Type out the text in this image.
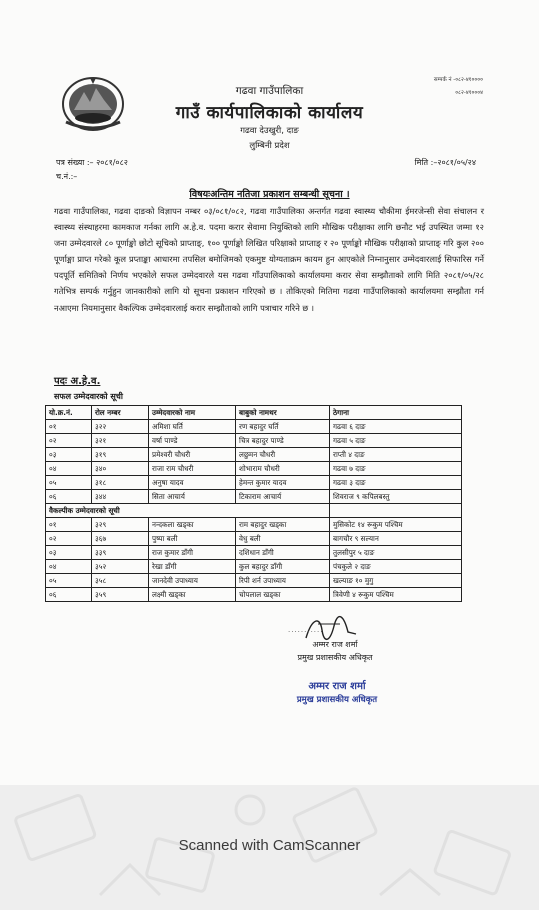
सम्पर्क नं -०८२-४१००००
०८२-४१०००४
गढवा गाउँपालिका
गाउँ कार्यपालिकाको कार्यालय
गढवा देउखुरी, दाङ
लुम्बिनी प्रदेश
पत्र संख्या :– २०८१/०८२
च.नं.:–
मिति :–२०८१/०५/२४
विषयःअन्तिम नतिजा प्रकाशन सम्बन्धी सूचना ।

गढवा गाउँपालिका, गढवा दाङको विज्ञापन नम्बर ०३/०८१/०८२, गढवा गाउँपालिका अन्तर्गत गढवा स्वास्थ्य चौकीमा ईमरजेन्सी सेवा संचालन र स्वास्थ्य संस्थाहरमा कामकाज गर्नका लागि अ.हे.व. पदमा करार सेवामा नियुक्तिको लागि मौखिक परीक्षाका लागि छनौट भई उपस्थित जम्मा १२ जना उम्मेदवारले ८० पूर्णाङ्को छोटो सूचिको प्राप्ताङ्, १०० पूर्णाङ्को लिखित परिक्षाको प्राप्ताङ् र २० पूर्णाङ्को मौखिक परीक्षाको प्राप्ताङ् गरि कुल २०० पूर्णाङ्मा प्राप्त गरेको कूल प्रप्ताङ्का आधारमा तपसिल बमोजिमको एकमुष्ट योग्यताक्रम कायम हुन आएकोले निम्नानुसार उम्मेदवारलाई सिफारिस गर्ने पदपूर्ति समितिको निर्णय भएकोले सफल उम्मेदवारले यस गढवा गाँउपालिकाको कार्यालयमा करार सेवा सम्झौताको लागि मिति २०८१/०५/२८ गतेभित्र सम्पर्क गर्नुहुन जानकारीको लागि यो सूचना प्रकाशन गरिएको छ । तोकिएको मितिमा गढवा गाउँपालिकाको कार्यालयमा सम्झौता गर्न नआएमा नियमानुसार वैकल्पिक उम्मेदवारलाई करार सम्झौताको लागि पत्राचार गरिने छ ।

पदः अ.हे.व.
सफल उम्मेदवारको सूची
यो.क्र.नं.	रोल नम्बर	उम्मेदवारको नाम	बाबुको नामथर	ठेगाना
०१	३२२	अमिशा घर्ति	रण बहादुर घर्ति	गढवा ६ दाङ
०२	३२१	वर्षा पाण्डे	चित्र बहादुर पाण्डे	गढवा ५ दाङ
०३	३१९	प्रमेश्वरी चौधरी	लछुमन चौधरी	राप्ती ४ दाङ
०४	३४०	राजा राम चौधरी	शोभाराम चौधरी	गढवा ७ दाङ
०५	३१८	अनुषा यादव	हेमन्त कुमार यादव	गढवा ३ दाङ
०६	३४४	सिता आचार्य	टिकाराम आचार्य	शिवराज ९ कपिलबस्तु
वैकल्पीक उम्मेदवारको सूची				
०१	३२९	नन्दकला खड्का	राम बहादुर खड्का	मुसिकोट १४ रूकुम पश्चिम
०२	३६७	पुष्पा बली	वेधु बली	बागचौर ९ सल्यान
०३	३३९	राज कुमार डाँगी	दशिधान डाँगी	तुलसीपुर ५ दाङ
०४	३५२	रेखा डाँगी	कुल बहादुर डाँगी	पंचकुले २ दाङ
०५	३५८	जानदेवी उपाध्याय	रिपी शर्न उपाध्याय	खल्याङ १० मुगु
०६	३५९	लक्ष्मी खड्का	चोपलाल खड्का	त्रिवेणी ४ रूकुम पश्चिम
...........
अम्मर राज शर्मा
प्रमुख प्रशासकीय अधिकृत
अम्मर राज शर्मा
प्रमुख प्रशासकीय अधिकृत
Scanned with CamScanner
